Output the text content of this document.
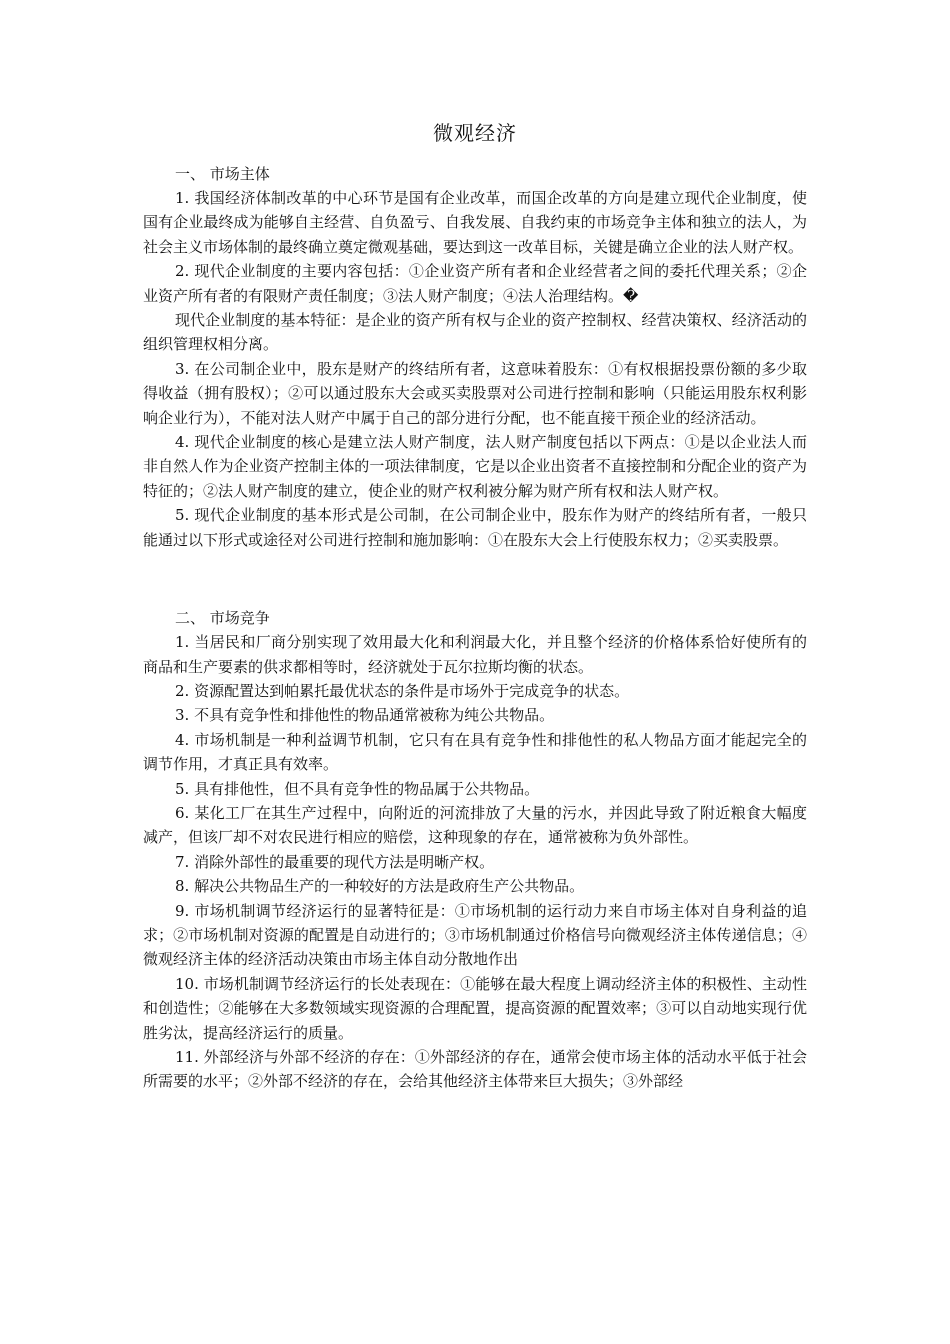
微观经济
一、 市场主体

1. 我国经济体制改革的中心环节是国有企业改革，而国企改革的方向是建立现代企业制度，使国有企业最终成为能够自主经营、自负盈亏、自我发展、自我约束的市场竞争主体和独立的法人，为社会主义市场体制的最终确立奠定微观基础，要达到这一改革目标，关键是确立企业的法人财产权。

2. 现代企业制度的主要内容包括：①企业资产所有者和企业经营者之间的委托代理关系；②企业资产所有者的有限财产责任制度；③法人财产制度；④法人治理结构。�

现代企业制度的基本特征：是企业的资产所有权与企业的资产控制权、经营决策权、经济活动的组织管理权相分离。

3. 在公司制企业中，股东是财产的终结所有者，这意味着股东：①有权根据投票份额的多少取得收益（拥有股权）；②可以通过股东大会或买卖股票对公司进行控制和影响（只能运用股东权利影响企业行为），不能对法人财产中属于自己的部分进行分配，也不能直接干预企业的经济活动。

4. 现代企业制度的核心是建立法人财产制度，法人财产制度包括以下两点：①是以企业法人而非自然人作为企业资产控制主体的一项法律制度，它是以企业出资者不直接控制和分配企业的资产为特征的；②法人财产制度的建立，使企业的财产权利被分解为财产所有权和法人财产权。

5. 现代企业制度的基本形式是公司制，在公司制企业中，股东作为财产的终结所有者，一般只能通过以下形式或途径对公司进行控制和施加影响：①在股东大会上行使股东权力；②买卖股票。

二、 市场竞争

1. 当居民和厂商分别实现了效用最大化和利润最大化，并且整个经济的价格体系恰好使所有的商品和生产要素的供求都相等时，经济就处于瓦尔拉斯均衡的状态。

2. 资源配置达到帕累托最优状态的条件是市场外于完成竞争的状态。

3. 不具有竞争性和排他性的物品通常被称为纯公共物品。

4. 市场机制是一种利益调节机制，它只有在具有竞争性和排他性的私人物品方面才能起完全的调节作用，才真正具有效率。

5. 具有排他性，但不具有竞争性的物品属于公共物品。

6. 某化工厂在其生产过程中，向附近的河流排放了大量的污水，并因此导致了附近粮食大幅度减产，但该厂却不对农民进行相应的赔偿，这种现象的存在，通常被称为负外部性。

7. 消除外部性的最重要的现代方法是明晰产权。

8. 解决公共物品生产的一种较好的方法是政府生产公共物品。

9. 市场机制调节经济运行的显著特征是：①市场机制的运行动力来自市场主体对自身利益的追求；②市场机制对资源的配置是自动进行的；③市场机制通过价格信号向微观经济主体传递信息；④微观经济主体的经济活动决策由市场主体自动分散地作出

10. 市场机制调节经济运行的长处表现在：①能够在最大程度上调动经济主体的积极性、主动性和创造性；②能够在大多数领域实现资源的合理配置，提高资源的配置效率；③可以自动地实现行优胜劣汰，提高经济运行的质量。

11. 外部经济与外部不经济的存在：①外部经济的存在，通常会使市场主体的活动水平低于社会所需要的水平；②外部不经济的存在，会给其他经济主体带来巨大损失；③外部经
